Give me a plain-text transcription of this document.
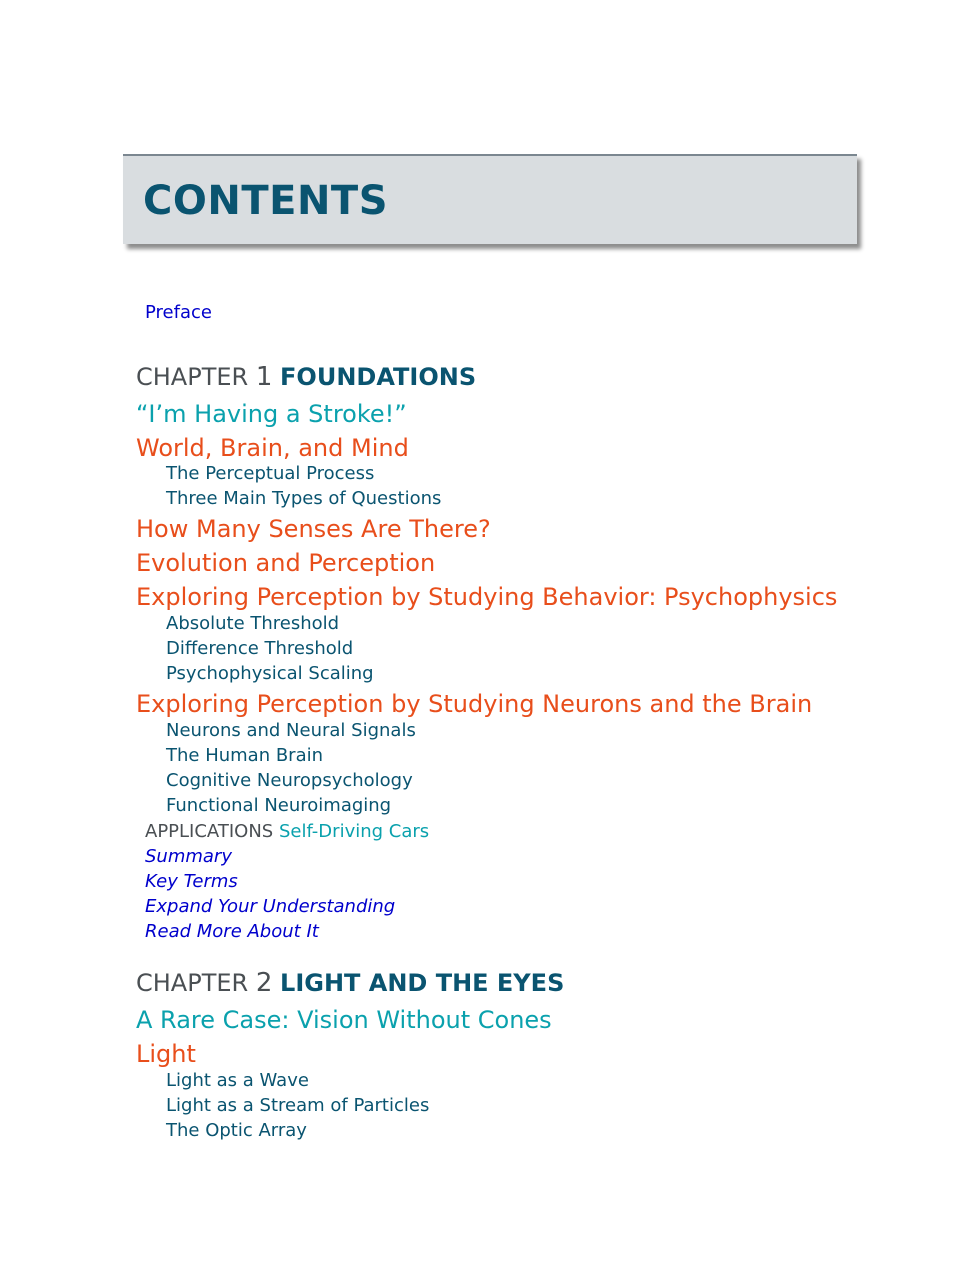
CONTENTS
Preface
CHAPTER 1 FOUNDATIONS
“I’m Having a Stroke!”
World, Brain, and Mind
The Perceptual Process
Three Main Types of Questions
How Many Senses Are There?
Evolution and Perception
Exploring Perception by Studying Behavior: Psychophysics
Absolute Threshold
Difference Threshold
Psychophysical Scaling
Exploring Perception by Studying Neurons and the Brain
Neurons and Neural Signals
The Human Brain
Cognitive Neuropsychology
Functional Neuroimaging
APPLICATIONS Self-Driving Cars
Summary
Key Terms
Expand Your Understanding
Read More About It
CHAPTER 2 LIGHT AND THE EYES
A Rare Case: Vision Without Cones
Light
Light as a Wave
Light as a Stream of Particles
The Optic Array
